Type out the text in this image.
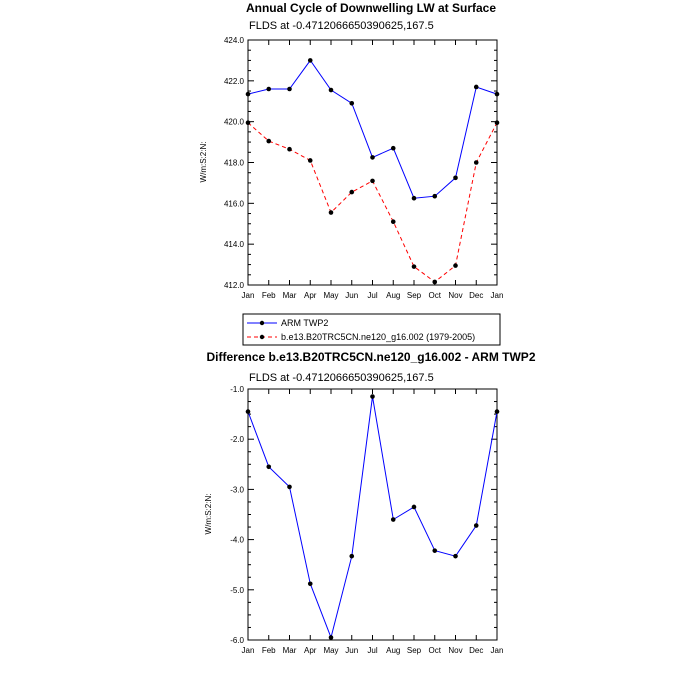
Annual Cycle of Downwelling LW at Surface
FLDS at -0.4712066650390625,167.5
W/m:S:2:N:
Jan Feb Mar Apr May Jun Jul Aug Sep Oct Nov Dec Jan
412.0
414.0
416.0
418.0
420.0
422.0
424.0
ARM TWP2
b.e13.B20TRC5CN.ne120_g16.002 (1979-2005)
Difference b.e13.B20TRC5CN.ne120_g16.002 - ARM TWP2
FLDS at -0.4712066650390625,167.5
W/m:S:2:N:
Jan Feb Mar Apr May Jun Jul Aug Sep Oct Nov Dec Jan
-6.0
-5.0
-4.0
-3.0
-2.0
-1.0
